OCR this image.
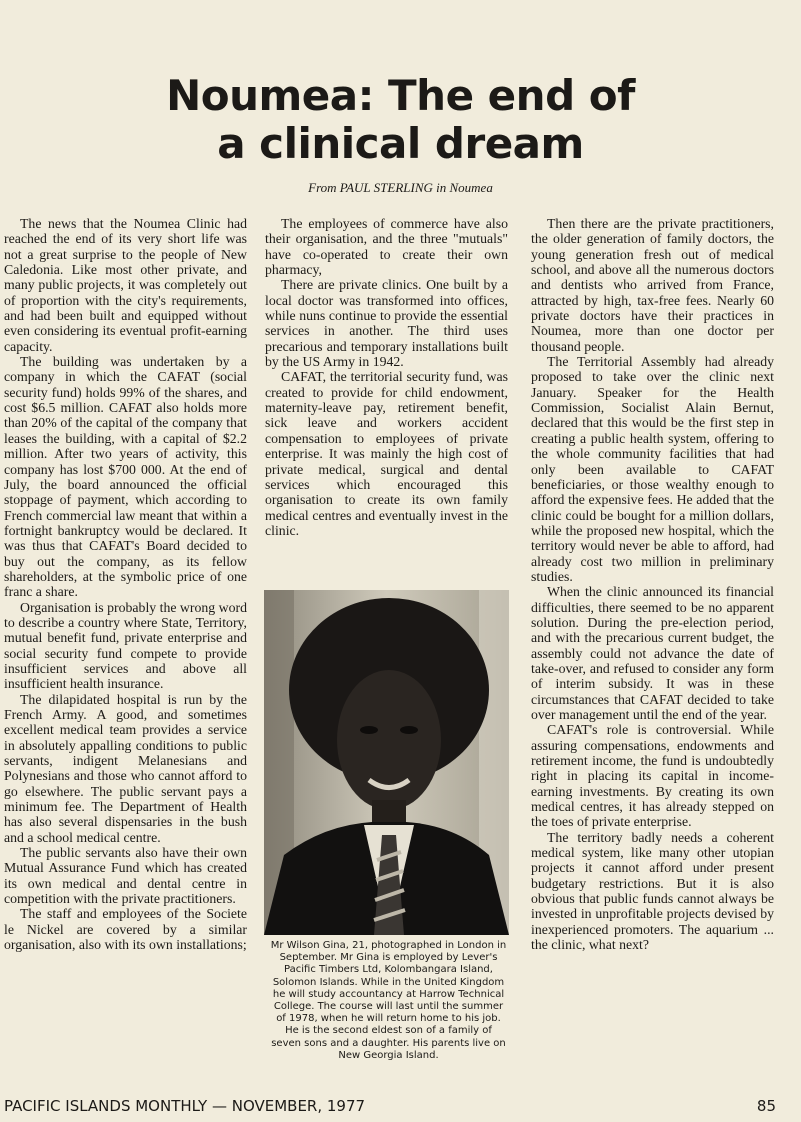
Noumea: The end of
a clinical dream
From PAUL STERLING in Noumea

The news that the Noumea Clinic had reached the end of its very short life was not a great surprise to the people of New Caledonia. Like most other private, and many public projects, it was completely out of proportion with the city's requirements, and had been built and equipped without even considering its eventual profit-earning capacity.

The building was undertaken by a company in which the CAFAT (social security fund) holds 99% of the shares, and cost $6.5 million. CAFAT also holds more than 20% of the capital of the company that leases the building, with a capital of $2.2 million. After two years of activity, this company has lost $700 000. At the end of July, the board announced the official stoppage of payment, which according to French commercial law meant that within a fortnight bankruptcy would be declared. It was thus that CAFAT's Board decided to buy out the company, as its fellow shareholders, at the symbolic price of one franc a share.

Organisation is probably the wrong word to describe a country where State, Territory, mutual benefit fund, private enterprise and social security fund compete to provide insufficient services and above all insufficient health insurance.

The dilapidated hospital is run by the French Army. A good, and sometimes excellent medical team provides a service in absolutely appalling conditions to public servants, indigent Melanesians and Polynesians and those who cannot afford to go elsewhere. The public servant pays a minimum fee. The Department of Health has also several dispensaries in the bush and a school medical centre.

The public servants also have their own Mutual Assurance Fund which has created its own medical and dental centre in competition with the private practitioners.

The staff and employees of the Societe le Nickel are covered by a similar organisation, also with its own installations;

The employees of commerce have also their organisation, and the three "mutuals" have co-operated to create their own pharmacy,

There are private clinics. One built by a local doctor was transformed into offices, while nuns continue to provide the essential services in another. The third uses precarious and temporary installations built by the US Army in 1942.

CAFAT, the territorial security fund, was created to provide for child endowment, maternity-leave pay, retirement benefit, sick leave and workers accident compensation to employees of private enterprise. It was mainly the high cost of private medical, surgical and dental services which encouraged this organisation to create its own family medical centres and eventually invest in the clinic.

Mr Wilson Gina, 21, photographed in London in September. Mr Gina is employed by Lever's Pacific Timbers Ltd, Kolombangara Island, Solomon Islands. While in the United Kingdom he will study accountancy at Harrow Technical College. The course will last until the summer of 1978, when he will return home to his job. He is the second eldest son of a family of seven sons and a daughter. His parents live on New Georgia Island.

Then there are the private practitioners, the older generation of family doctors, the young generation fresh out of medical school, and above all the numerous doctors and dentists who arrived from France, attracted by high, tax-free fees. Nearly 60 private doctors have their practices in Noumea, more than one doctor per thousand people.

The Territorial Assembly had already proposed to take over the clinic next January. Speaker for the Health Commission, Socialist Alain Bernut, declared that this would be the first step in creating a public health system, offering to the whole community facilities that had only been available to CAFAT beneficiaries, or those wealthy enough to afford the expensive fees. He added that the clinic could be bought for a million dollars, while the proposed new hospital, which the territory would never be able to afford, had already cost two million in preliminary studies.

When the clinic announced its financial difficulties, there seemed to be no apparent solution. During the pre-election period, and with the precarious current budget, the assembly could not advance the date of take-over, and refused to consider any form of interim subsidy. It was in these circumstances that CAFAT decided to take over management until the end of the year.

CAFAT's role is controversial. While assuring compensations, endowments and retirement income, the fund is undoubtedly right in placing its capital in income-earning investments. By creating its own medical centres, it has already stepped on the toes of private enterprise.

The territory badly needs a coherent medical system, like many other utopian projects it cannot afford under present budgetary restrictions. But it is also obvious that public funds cannot always be invested in unprofitable projects devised by inexperienced promoters. The aquarium ... the clinic, what next?

PACIFIC ISLANDS MONTHLY — NOVEMBER, 1977	85
